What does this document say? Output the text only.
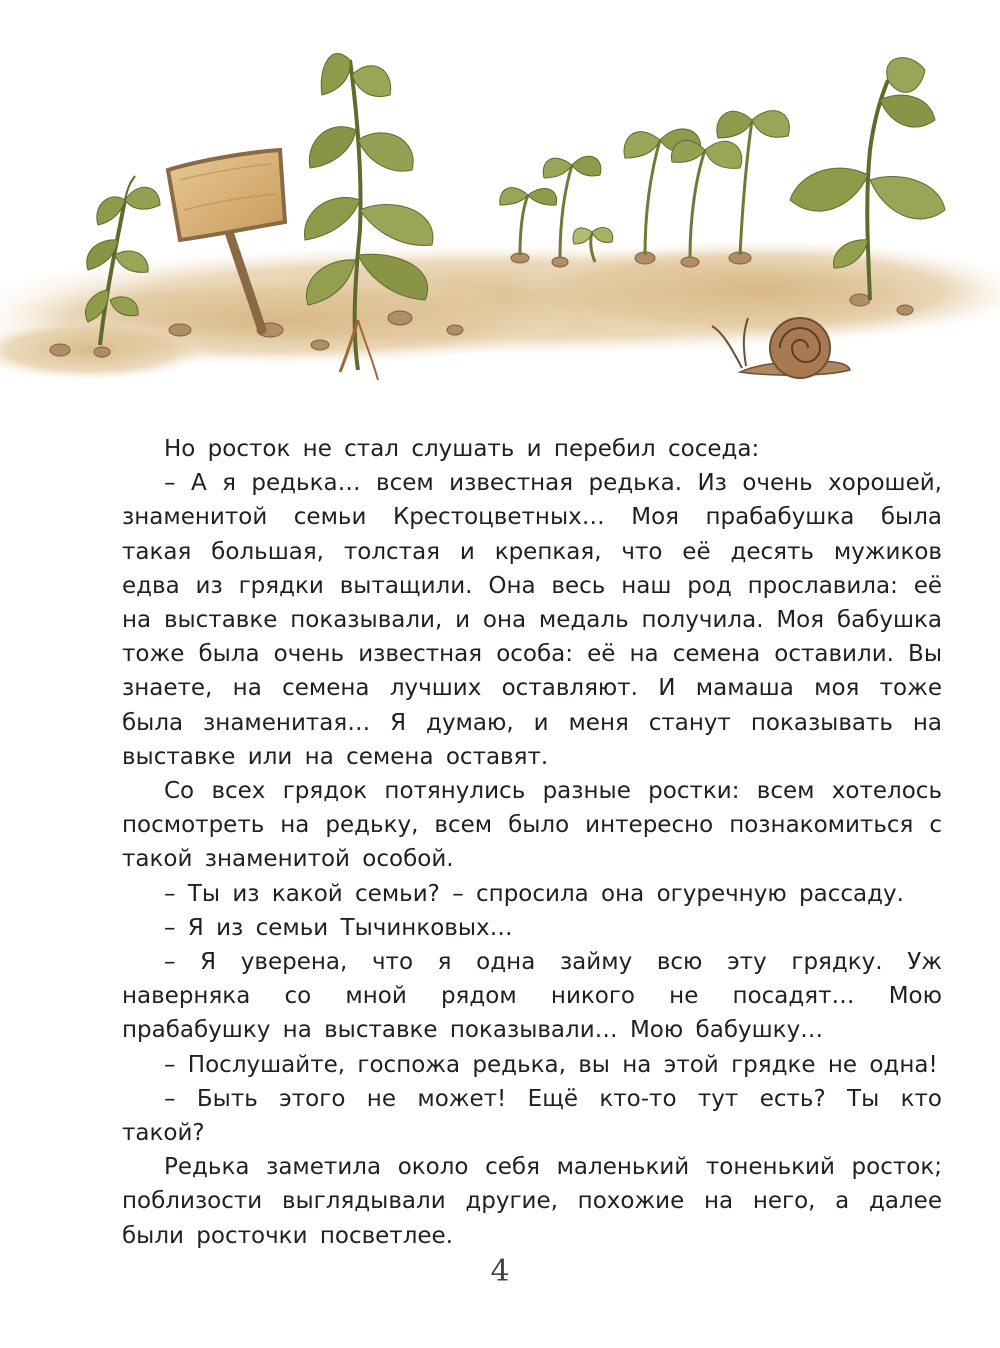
Но росток не стал слушать и перебил соседа:

– А я редька… всем известная редька. Из очень хорошей, знаменитой семьи Крестоцветных… Моя прабабушка была такая большая, толстая и крепкая, что её десять мужиков едва из грядки вытащили. Она весь наш род прославила: её на выставке показывали, и она медаль получила. Моя бабушка тоже была очень известная особа: её на семена оставили. Вы знаете, на семена лучших оставляют. И мамаша моя тоже была знаменитая… Я думаю, и меня станут показывать на выставке или на семена оставят.

Со всех грядок потянулись разные ростки: всем хотелось посмотреть на редьку, всем было интересно познакомиться с такой знаменитой особой.

– Ты из какой семьи? – спросила она огуречную рассаду.

– Я из семьи Тычинковых…

– Я уверена, что я одна займу всю эту грядку. Уж наверняка со мной рядом никого не посадят… Мою прабабушку на выставке показывали… Мою бабушку…

– Послушайте, госпожа редька, вы на этой грядке не одна!

– Быть этого не может! Ещё кто-то тут есть? Ты кто такой?

Редька заметила около себя маленький тоненький росток; поблизости выглядывали другие, похожие на него, а далее были росточки посветлее.

4
